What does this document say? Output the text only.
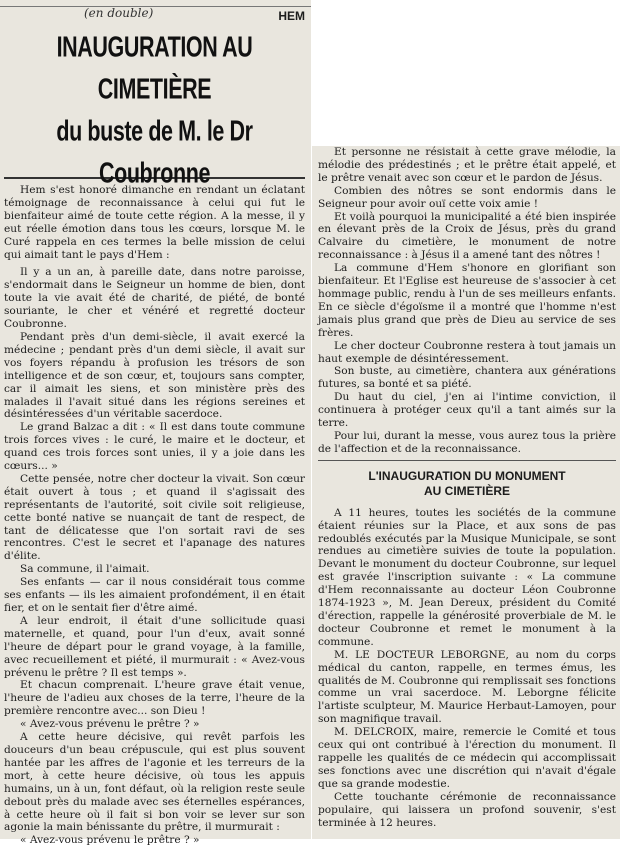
(en double)	HEM
INAUGURATION AU CIMETIÈRE
du buste de M. le Dr Coubronne

Hem s'est honoré dimanche en rendant un éclatant témoignage de reconnaissance à celui qui fut le bienfaiteur aimé de toute cette région. A la messe, il y eut réelle émotion dans tous les cœurs, lorsque M. le Curé rappela en ces termes la belle mission de celui qui aimait tant le pays d'Hem :

Il y a un an, à pareille date, dans notre paroisse, s'endormait dans le Seigneur un homme de bien, dont toute la vie avait été de charité, de piété, de bonté souriante, le cher et vénéré et regretté docteur Coubronne.

Pendant près d'un demi-siècle, il avait exercé la médecine ; pendant près d'un demi siècle, il avait sur vos foyers répandu à profusion les trésors de son intelligence et de son cœur, et, toujours sans compter, car il aimait les siens, et son ministère près des malades il l'avait situé dans les régions sereines et désintéressées d'un véritable sacerdoce.

Le grand Balzac a dit : « Il est dans toute commune trois forces vives : le curé, le maire et le docteur, et quand ces trois forces sont unies, il y a joie dans les cœurs... »

Cette pensée, notre cher docteur la vivait. Son cœur était ouvert à tous ; et quand il s'agissait des représentants de l'autorité, soit civile soit religieuse, cette bonté native se nuançait de tant de respect, de tant de délicatesse que l'on sortait ravi de ses rencontres. C'est le secret et l'apanage des natures d'élite.

Sa commune, il l'aimait.

Ses enfants — car il nous considérait tous comme ses enfants — ils les aimaient profondément, il en était fier, et on le sentait fier d'être aimé.

A leur endroit, il était d'une sollicitude quasi maternelle, et quand, pour l'un d'eux, avait sonné l'heure de départ pour le grand voyage, à la famille, avec recueillement et piété, il murmurait : « Avez-vous prévenu le prêtre ? Il est temps ».

Et chacun comprenait. L'heure grave était venue, l'heure de l'adieu aux choses de la terre, l'heure de la première rencontre avec... son Dieu !

« Avez-vous prévenu le prêtre ? »

A cette heure décisive, qui revêt parfois les douceurs d'un beau crépuscule, qui est plus souvent hantée par les affres de l'agonie et les terreurs de la mort, à cette heure décisive, où tous les appuis humains, un à un, font défaut, où la religion reste seule debout près du malade avec ses éternelles espérances, à cette heure où il fait si bon voir se lever sur son agonie la main bénissante du prêtre, il murmurait :

« Avez-vous prévenu le prêtre ? »

Et personne ne résistait à cette grave mélodie, la mélodie des prédestinés ; et le prêtre était appelé, et le prêtre venait avec son cœur et le pardon de Jésus.

Combien des nôtres se sont endormis dans le Seigneur pour avoir ouï cette voix amie !

Et voilà pourquoi la municipalité a été bien inspirée en élevant près de la Croix de Jésus, près du grand Calvaire du cimetière, le monument de notre reconnaissance : à Jésus il a amené tant des nôtres !

La commune d'Hem s'honore en glorifiant son bienfaiteur. Et l'Eglise est heureuse de s'associer à cet hommage public, rendu à l'un de ses meilleurs enfants. En ce siècle d'égoïsme il a montré que l'homme n'est jamais plus grand que près de Dieu au service de ses frères.

Le cher docteur Coubronne restera à tout jamais un haut exemple de désintéressement.

Son buste, au cimetière, chantera aux générations futures, sa bonté et sa piété.

Du haut du ciel, j'en ai l'intime conviction, il continuera à protéger ceux qu'il a tant aimés sur la terre.

Pour lui, durant la messe, vous aurez tous la prière de l'affection et de la reconnaissance.

L'INAUGURATION DU MONUMENT
AU CIMETIÈRE

A 11 heures, toutes les sociétés de la commune étaient réunies sur la Place, et aux sons de pas redoublés exécutés par la Musique Municipale, se sont rendues au cimetière suivies de toute la population. Devant le monument du docteur Coubronne, sur lequel est gravée l'inscription suivante : « La commune d'Hem reconnaissante au docteur Léon Coubronne 1874-1923 », M. Jean Dereux, président du Comité d'érection, rappelle la générosité proverbiale de M. le docteur Coubronne et remet le monument à la commune.

M. LE DOCTEUR LEBORGNE, au nom du corps médical du canton, rappelle, en termes émus, les qualités de M. Coubronne qui remplissait ses fonctions comme un vrai sacerdoce. M. Leborgne félicite l'artiste sculpteur, M. Maurice Herbaut-Lamoyen, pour son magnifique travail.

M. DELCROIX, maire, remercie le Comité et tous ceux qui ont contribué à l'érection du monument. Il rappelle les qualités de ce médecin qui accomplissait ses fonctions avec une discrétion qui n'avait d'égale que sa grande modestie.

Cette touchante cérémonie de reconnaissance populaire, qui laissera un profond souvenir, s'est terminée à 12 heures.
